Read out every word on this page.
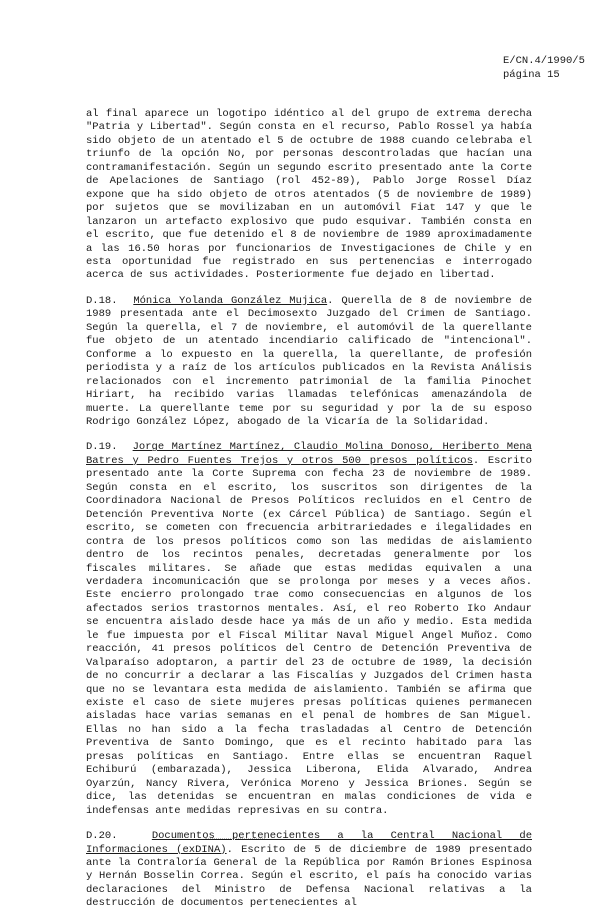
E/CN.4/1990/5
página 15

al final aparece un logotipo idéntico al del grupo de extrema derecha "Patria y Libertad". Según consta en el recurso, Pablo Rossel ya había sido objeto de un atentado el 5 de octubre de 1988 cuando celebraba el triunfo de la opción No, por personas descontroladas que hacían una contramanifestación. Según un segundo escrito presentado ante la Corte de Apelaciones de Santiago (rol 452-89), Pablo Jorge Rossel Díaz expone que ha sido objeto de otros atentados (5 de noviembre de 1989) por sujetos que se movilizaban en un automóvil Fiat 147 y que le lanzaron un artefacto explosivo que pudo esquivar. También consta en el escrito, que fue detenido el 8 de noviembre de 1989 aproximadamente a las 16.50 horas por funcionarios de Investigaciones de Chile y en esta oportunidad fue registrado en sus pertenencias e interrogado acerca de sus actividades. Posteriormente fue dejado en libertad.

D.18. Mónica Yolanda González Mujica. Querella de 8 de noviembre de 1989 presentada ante el Decimosexto Juzgado del Crimen de Santiago. Según la querella, el 7 de noviembre, el automóvil de la querellante fue objeto de un atentado incendiario calificado de "intencional". Conforme a lo expuesto en la querella, la querellante, de profesión periodista y a raíz de los artículos publicados en la Revista Análisis relacionados con el incremento patrimonial de la familia Pinochet Hiriart, ha recibido varias llamadas telefónicas amenazándola de muerte. La querellante teme por su seguridad y por la de su esposo Rodrigo González López, abogado de la Vicaría de la Solidaridad.

D.19. Jorge Martínez Martínez, Claudio Molina Donoso, Heriberto Mena Batres y Pedro Fuentes Trejos y otros 500 presos políticos. Escrito presentado ante la Corte Suprema con fecha 23 de noviembre de 1989. Según consta en el escrito, los suscritos son dirigentes de la Coordinadora Nacional de Presos Políticos recluidos en el Centro de Detención Preventiva Norte (ex Cárcel Pública) de Santiago. Según el escrito, se cometen con frecuencia arbitrariedades e ilegalidades en contra de los presos políticos como son las medidas de aislamiento dentro de los recintos penales, decretadas generalmente por los fiscales militares. Se añade que estas medidas equivalen a una verdadera incomunicación que se prolonga por meses y a veces años. Este encierro prolongado trae como consecuencias en algunos de los afectados serios trastornos mentales. Así, el reo Roberto Iko Andaur se encuentra aislado desde hace ya más de un año y medio. Esta medida le fue impuesta por el Fiscal Militar Naval Miguel Angel Muñoz. Como reacción, 41 presos políticos del Centro de Detención Preventiva de Valparaíso adoptaron, a partir del 23 de octubre de 1989, la decisión de no concurrir a declarar a las Fiscalías y Juzgados del Crimen hasta que no se levantara esta medida de aislamiento. También se afirma que existe el caso de siete mujeres presas políticas quienes permanecen aisladas hace varias semanas en el penal de hombres de San Miguel. Ellas no han sido a la fecha trasladadas al Centro de Detención Preventiva de Santo Domingo, que es el recinto habitado para las presas políticas en Santiago. Entre ellas se encuentran Raquel Echiburú (embarazada), Jessica Liberona, Elida Alvarado, Andrea Oyarzún, Nancy Rivera, Verónica Moreno y Jessica Briones. Según se dice, las detenidas se encuentran en malas condiciones de vida e indefensas ante medidas represivas en su contra.

D.20.	Documentos pertenecientes a la Central Nacional de Informaciones (exDINA). Escrito de 5 de diciembre de 1989 presentado ante la Contraloría General de la República por Ramón Briones Espinosa y Hernán Bosselin Correa. Según el escrito, el país ha conocido varias declaraciones del Ministro de Defensa Nacional relativas a la destrucción de documentos pertenecientes al
